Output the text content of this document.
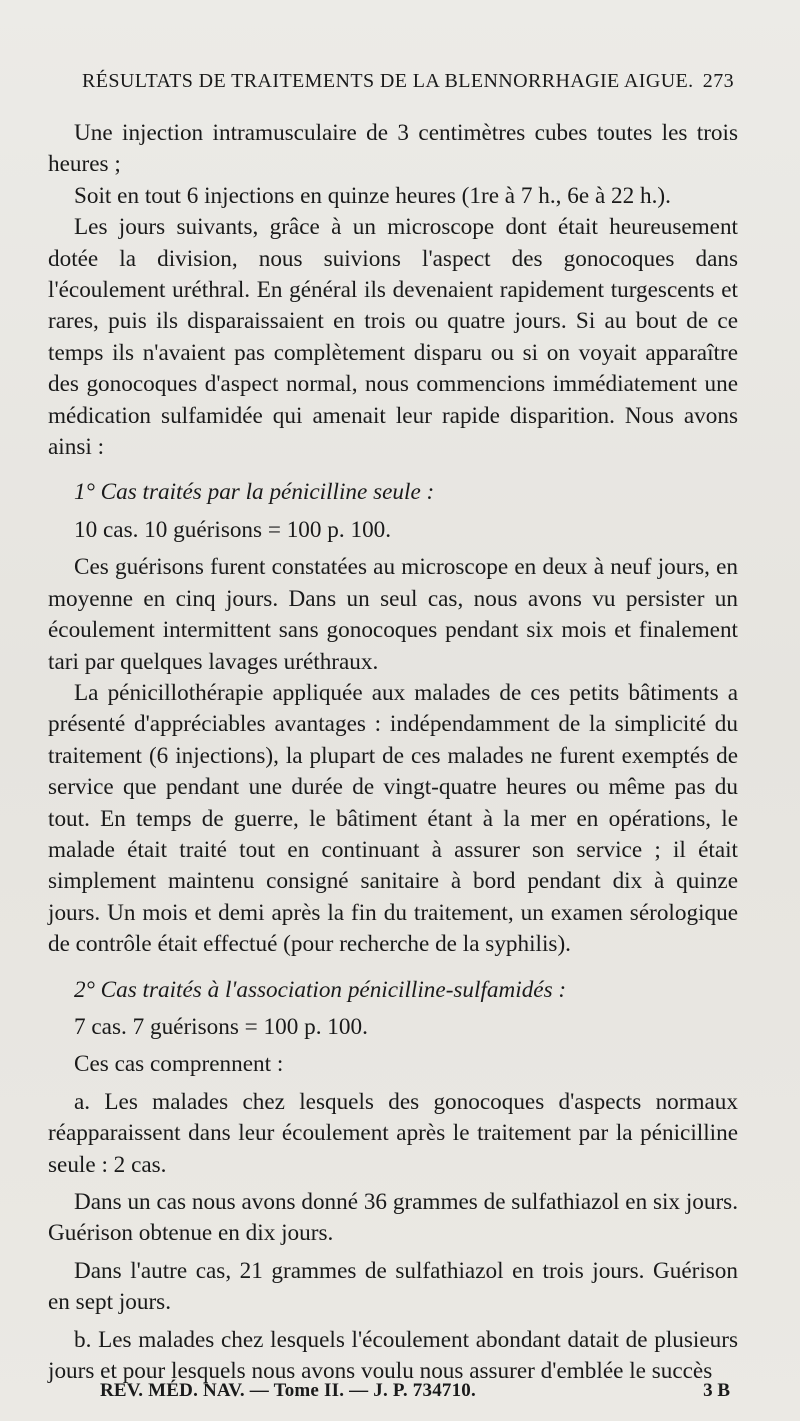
RÉSULTATS DE TRAITEMENTS DE LA BLENNORRHAGIE AIGUE. 273

Une injection intramusculaire de 3 centimètres cubes toutes les trois heures ;

Soit en tout 6 injections en quinze heures (1re à 7 h., 6e à 22 h.).

Les jours suivants, grâce à un microscope dont était heureusement dotée la division, nous suivions l'aspect des gonocoques dans l'écoulement uréthral. En général ils devenaient rapidement turgescents et rares, puis ils disparaissaient en trois ou quatre jours. Si au bout de ce temps ils n'avaient pas complètement disparu ou si on voyait apparaître des gonocoques d'aspect normal, nous commencions immédiatement une médication sulfamidée qui amenait leur rapide disparition. Nous avons ainsi :

1° Cas traités par la pénicilline seule :

10 cas. 10 guérisons = 100 p. 100.

Ces guérisons furent constatées au microscope en deux à neuf jours, en moyenne en cinq jours. Dans un seul cas, nous avons vu persister un écoulement intermittent sans gonocoques pendant six mois et finalement tari par quelques lavages uréthraux.

La pénicillothérapie appliquée aux malades de ces petits bâtiments a présenté d'appréciables avantages : indépendamment de la simplicité du traitement (6 injections), la plupart de ces malades ne furent exemptés de service que pendant une durée de vingt-quatre heures ou même pas du tout. En temps de guerre, le bâtiment étant à la mer en opérations, le malade était traité tout en continuant à assurer son service ; il était simplement maintenu consigné sanitaire à bord pendant dix à quinze jours. Un mois et demi après la fin du traitement, un examen sérologique de contrôle était effectué (pour recherche de la syphilis).

2° Cas traités à l'association pénicilline-sulfamidés :

7 cas. 7 guérisons = 100 p. 100.

Ces cas comprennent :

a. Les malades chez lesquels des gonocoques d'aspects normaux réapparaissent dans leur écoulement après le traitement par la pénicilline seule : 2 cas.

Dans un cas nous avons donné 36 grammes de sulfathiazol en six jours. Guérison obtenue en dix jours.

Dans l'autre cas, 21 grammes de sulfathiazol en trois jours. Guérison en sept jours.

b. Les malades chez lesquels l'écoulement abondant datait de plusieurs jours et pour lesquels nous avons voulu nous assurer d'emblée le succès

REV. MÉD. NAV. — Tome II. — J. P. 734710.	3 B
